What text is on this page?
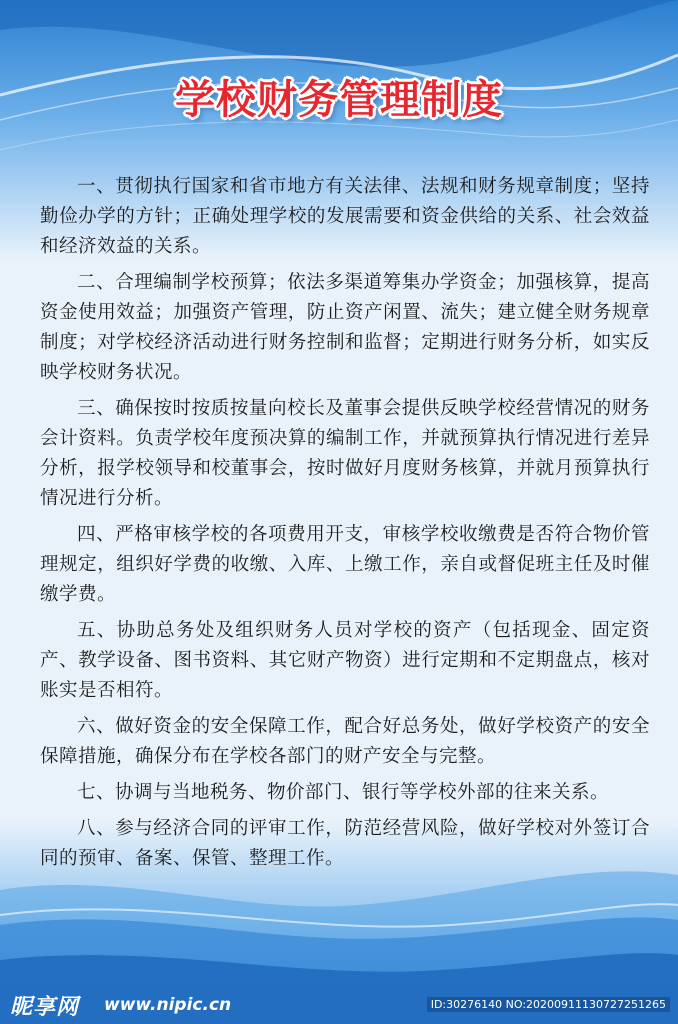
学校财务管理制度

一、贯彻执行国家和省市地方有关法律、法规和财务规章制度；坚持勤俭办学的方针；正确处理学校的发展需要和资金供给的关系、社会效益和经济效益的关系。

二、合理编制学校预算；依法多渠道筹集办学资金；加强核算，提高资金使用效益；加强资产管理，防止资产闲置、流失；建立健全财务规章制度；对学校经济活动进行财务控制和监督；定期进行财务分析，如实反映学校财务状况。

三、确保按时按质按量向校长及董事会提供反映学校经营情况的财务会计资料。负责学校年度预决算的编制工作，并就预算执行情况进行差异分析，报学校领导和校董事会，按时做好月度财务核算，并就月预算执行情况进行分析。

四、严格审核学校的各项费用开支，审核学校收缴费是否符合物价管理规定，组织好学费的收缴、入库、上缴工作，亲自或督促班主任及时催缴学费。

五、协助总务处及组织财务人员对学校的资产（包括现金、固定资产、教学设备、图书资料、其它财产物资）进行定期和不定期盘点，核对账实是否相符。

六、做好资金的安全保障工作，配合好总务处，做好学校资产的安全保障措施，确保分布在学校各部门的财产安全与完整。

七、协调与当地税务、物价部门、银行等学校外部的往来关系。

八、参与经济合同的评审工作，防范经营风险，做好学校对外签订合同的预审、备案、保管、整理工作。

昵享网 www.nipic.cn	ID:30276140 NO:20200911130727251265
